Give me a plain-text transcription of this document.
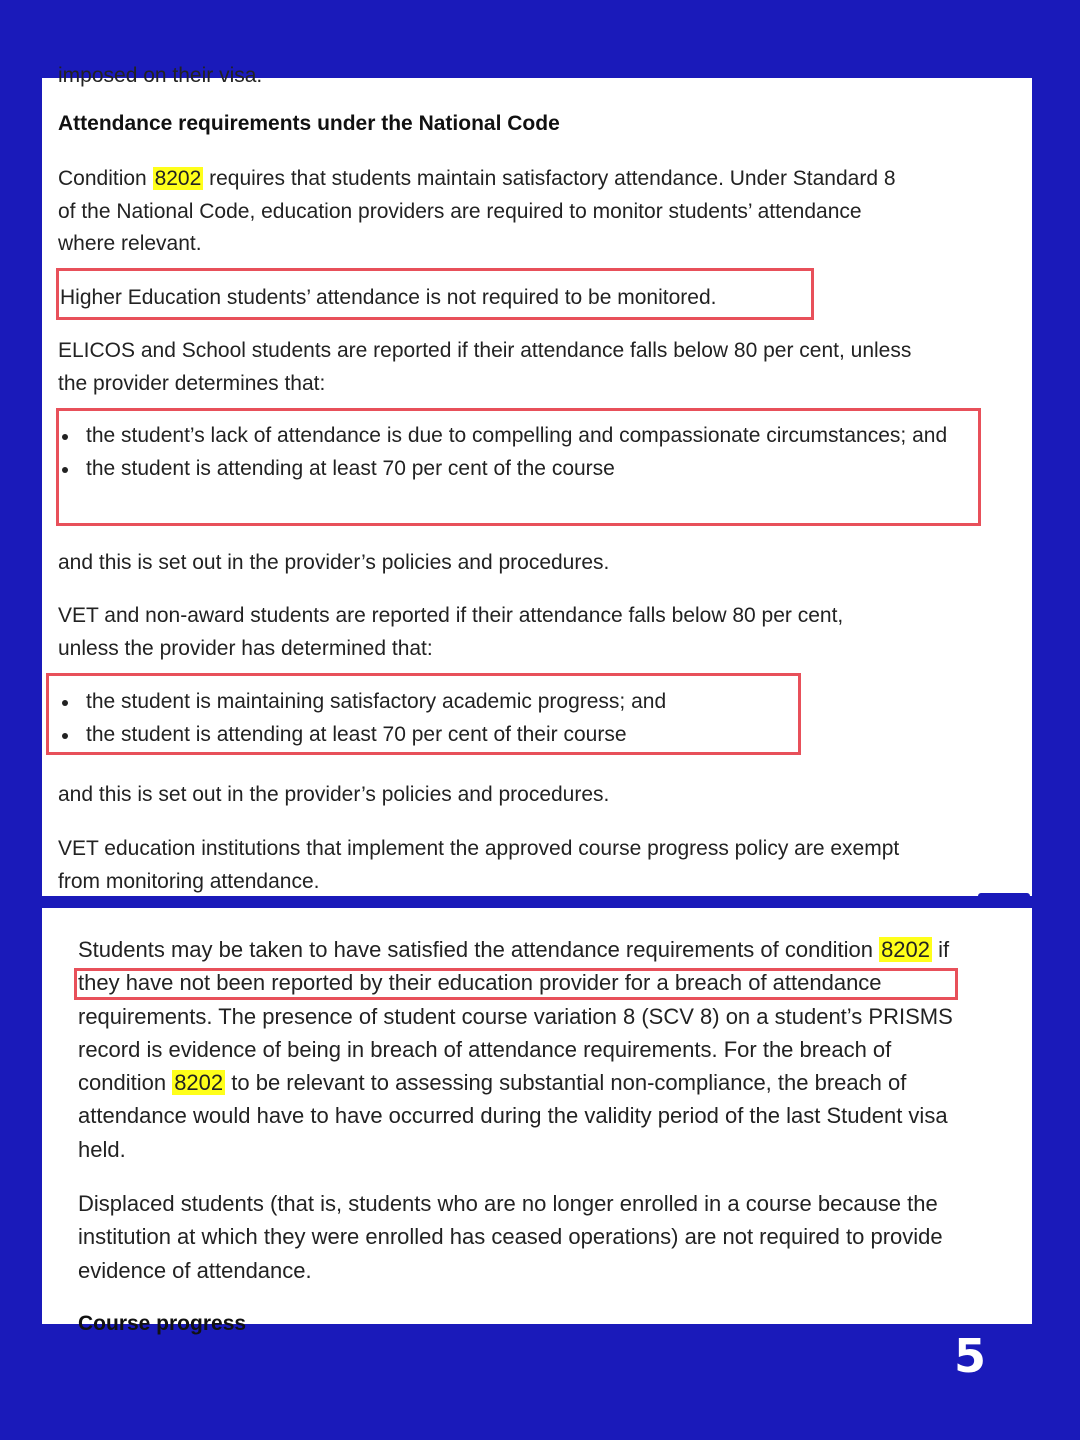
imposed on their visa.
Attendance requirements under the National Code
Condition 8202 requires that students maintain satisfactory attendance. Under Standard 8
of the National Code, education providers are required to monitor students’ attendance
where relevant.
Higher Education students’ attendance is not required to be monitored.
ELICOS and School students are reported if their attendance falls below 80 per cent, unless
the provider determines that:
the student’s lack of attendance is due to compelling and compassionate circumstances; and
the student is attending at least 70 per cent of the course
and this is set out in the provider’s policies and procedures.
VET and non-award students are reported if their attendance falls below 80 per cent,
unless the provider has determined that:
the student is maintaining satisfactory academic progress; and
the student is attending at least 70 per cent of their course
and this is set out in the provider’s policies and procedures.
VET education institutions that implement the approved course progress policy are exempt
from monitoring attendance.
Students may be taken to have satisfied the attendance requirements of condition 8202 if
they have not been reported by their education provider for a breach of attendance
requirements. The presence of student course variation 8 (SCV 8) on a student’s PRISMS
record is evidence of being in breach of attendance requirements. For the breach of
condition 8202 to be relevant to assessing substantial non-compliance, the breach of
attendance would have to have occurred during the validity period of the last Student visa
held.
Displaced students (that is, students who are no longer enrolled in a course because the
institution at which they were enrolled has ceased operations) are not required to provide
evidence of attendance.
Course progress
5
